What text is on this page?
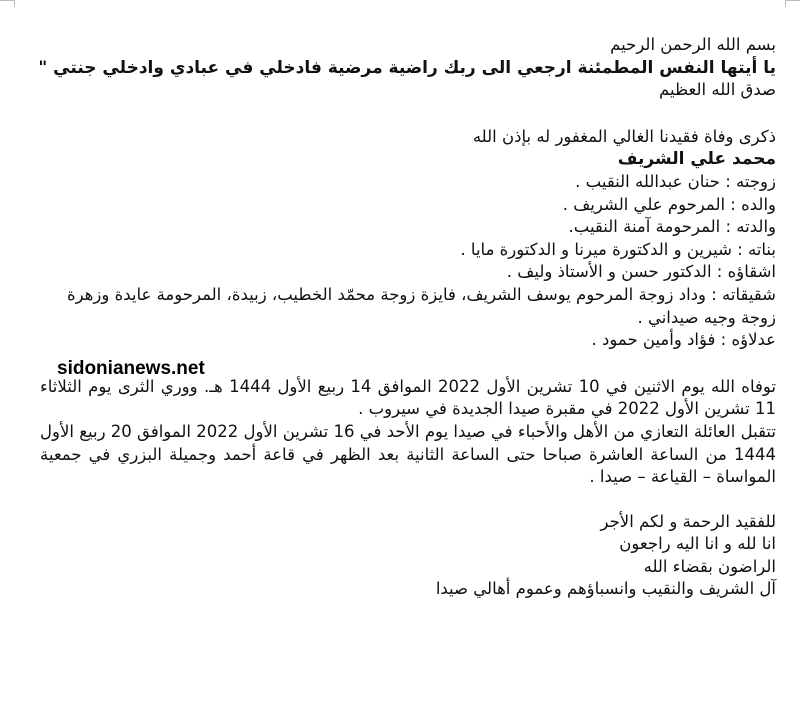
بسم الله الرحمن الرحيم
يا أيتها النفس المطمئنة ارجعي الى ربك راضية مرضية فادخلي في عبادي وادخلي جنتي "
صدق الله العظيم
ذكرى وفاة فقيدنا الغالي المغفور له بإذن الله
محمد علي الشريف
زوجته : حنان عبدالله النقيب .
والده : المرحوم علي الشريف .
والدته : المرحومة آمنة النقيب.
بناته : شيرين و الدكتورة ميرنا و الدكتورة مايا .
اشقاؤه : الدكتور حسن و الأستاذ وليف .
شقيقاته : وداد زوجة المرحوم يوسف الشريف، فايزة زوجة محمّد الخطيب، زبيدة، المرحومة عايدة وزهرة زوجة وجيه صيداني .
عدلاؤه : فؤاد وأمين حمود .
توفاه الله يوم الاثنين في 10 تشرين الأول 2022 الموافق 14 ربيع الأول 1444 هـ. ووري الثرى يوم الثلاثاء 11 تشرين الأول 2022 في مقبرة صيدا الجديدة في سيروب .
تتقبل العائلة التعازي من الأهل والأحباء في صيدا يوم الأحد في 16 تشرين الأول 2022 الموافق 20 ربيع الأول 1444 من الساعة العاشرة صباحا حتى الساعة الثانية بعد الظهر في قاعة أحمد وجميلة البزري في جمعية المواساة – القياعة – صيدا .
للفقيد الرحمة و لكم الأجر
انا لله و انا اليه راجعون
الراضون بقضاء الله
آل الشريف والنقيب وانسباؤهم وعموم أهالي صيدا
sidonianews.net
